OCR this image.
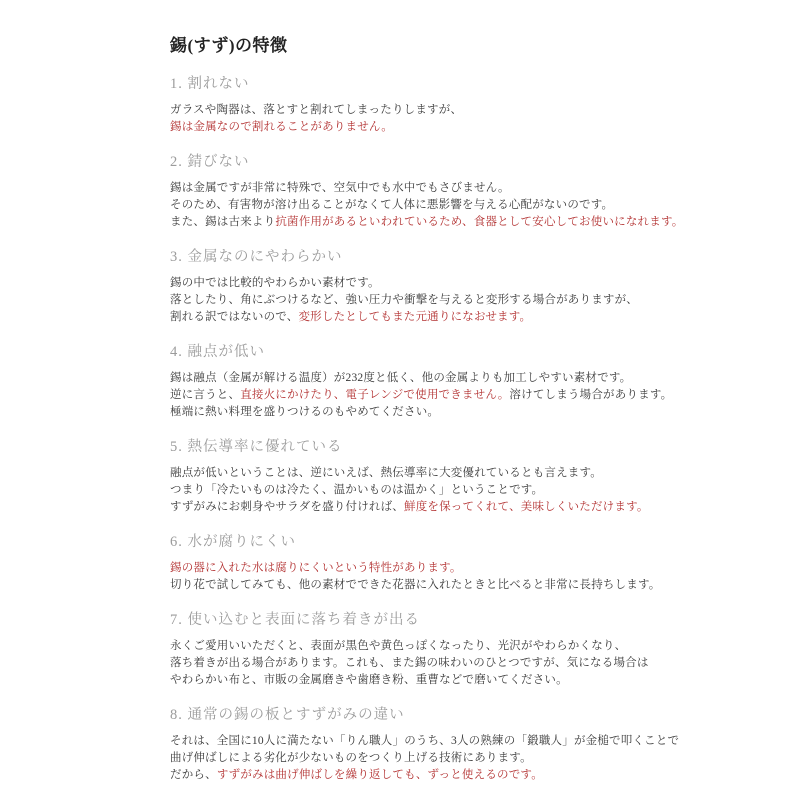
錫(すず)の特徴
1. 割れない

ガラスや陶器は、落とすと割れてしまったりしますが、

錫は金属なので割れることがありません。

2. 錆びない

錫は金属ですが非常に特殊で、空気中でも水中でもさびません。

そのため、有害物が溶け出ることがなくて人体に悪影響を与える心配がないのです。

また、錫は古来より抗菌作用があるといわれているため、食器として安心してお使いになれます。

3. 金属なのにやわらかい

錫の中では比較的やわらかい素材です。

落としたり、角にぶつけるなど、強い圧力や衝撃を与えると変形する場合がありますが、

割れる訳ではないので、変形したとしてもまた元通りになおせます。

4. 融点が低い

錫は融点（金属が解ける温度）が232度と低く、他の金属よりも加工しやすい素材です。

逆に言うと、直接火にかけたり、電子レンジで使用できません。溶けてしまう場合があります。

極端に熱い料理を盛りつけるのもやめてください。

5. 熱伝導率に優れている

融点が低いということは、逆にいえば、熱伝導率に大変優れているとも言えます。

つまり「冷たいものは冷たく、温かいものは温かく」ということです。

すずがみにお刺身やサラダを盛り付ければ、鮮度を保ってくれて、美味しくいただけます。

6. 水が腐りにくい

錫の器に入れた水は腐りにくいという特性があります。

切り花で試してみても、他の素材でできた花器に入れたときと比べると非常に長持ちします。

7. 使い込むと表面に落ち着きが出る

永くご愛用いいただくと、表面が黒色や黄色っぽくなったり、光沢がやわらかくなり、

落ち着きが出る場合があります。これも、また錫の味わいのひとつですが、気になる場合は

やわらかい布と、市販の金属磨きや歯磨き粉、重曹などで磨いてください。

8. 通常の錫の板とすずがみの違い

それは、全国に10人に満たない「りん職人」のうち、3人の熟練の「鍛職人」が金槌で叩くことで

曲げ伸ばしによる劣化が少ないものをつくり上げる技術にあります。

だから、すずがみは曲げ伸ばしを繰り返しても、ずっと使えるのです。
